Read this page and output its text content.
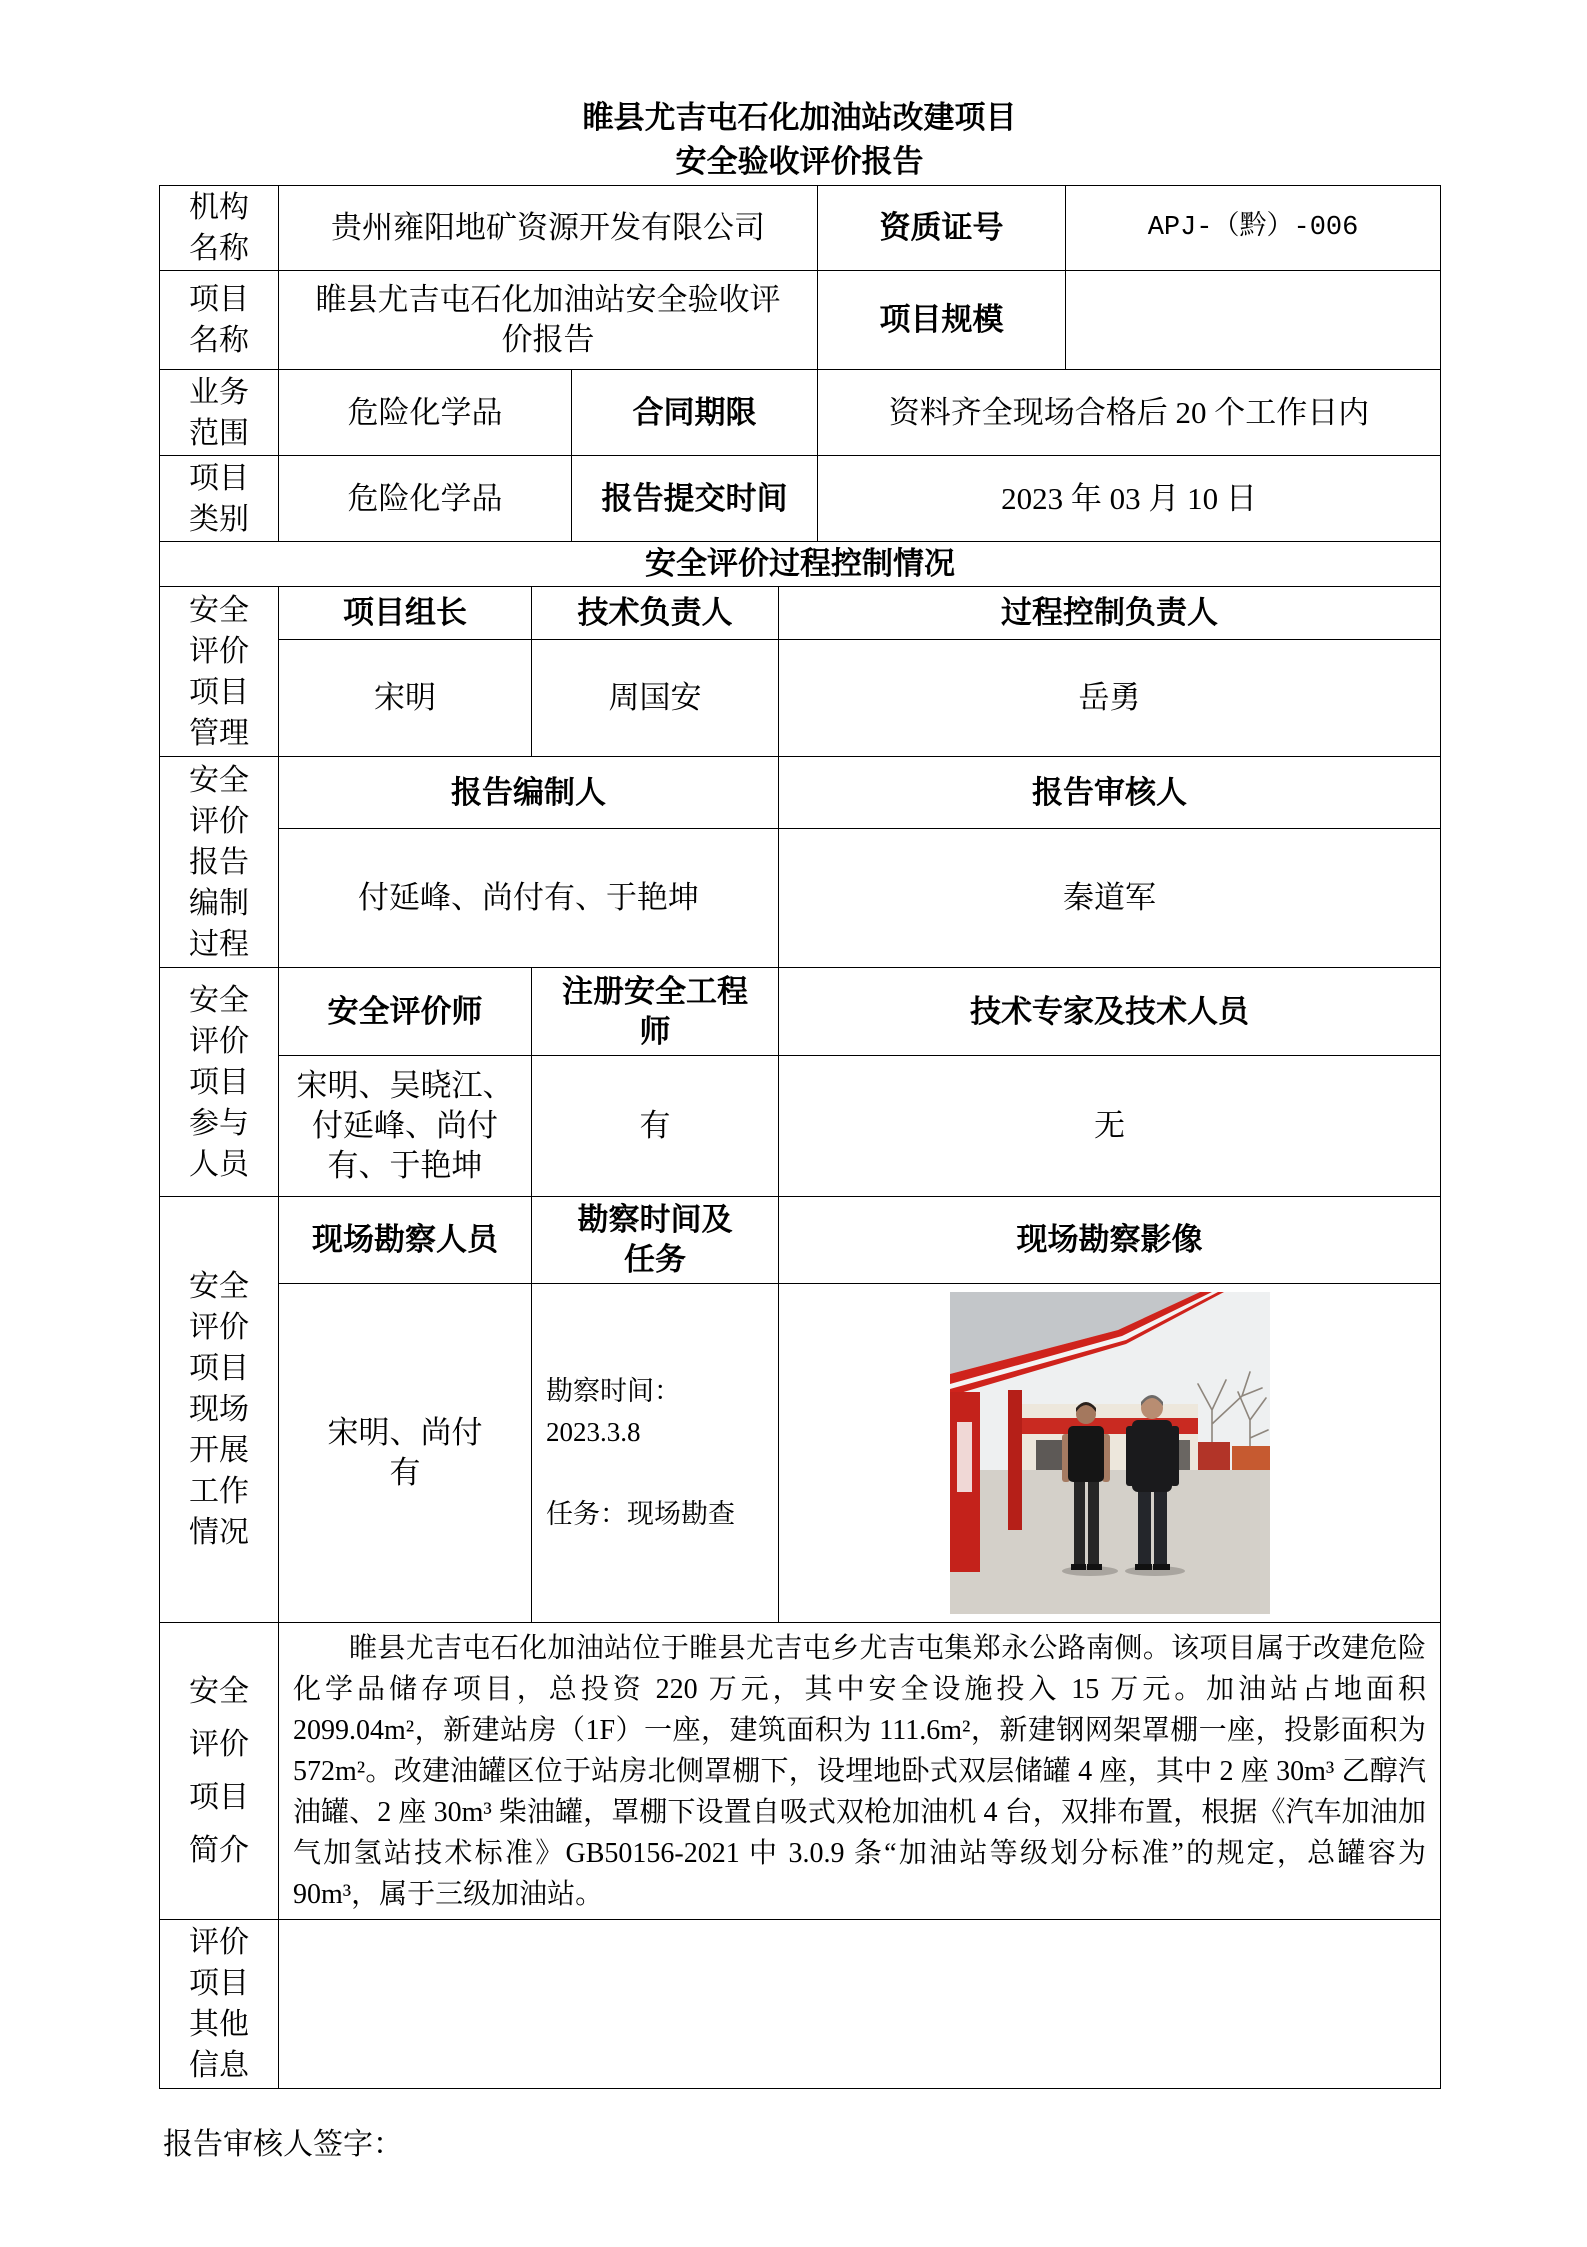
睢县尤吉屯石化加油站改建项目
安全验收评价报告
机构名称	贵州雍阳地矿资源开发有限公司				资质证号	APJ-（黔）-006
项目名称	睢县尤吉屯石化加油站安全验收评价报告				项目规模	
业务范围	危险化学品		合同期限		资料齐全现场合格后 20 个工作日内	
项目类别	危险化学品		报告提交时间		2023 年 03 月 10 日	
安全评价过程控制情况						
安全评价项目管理	项目组长	技术负责人		过程控制负责人		
	宋明	周国安		岳勇		
安全评价报告编制过程	报告编制人			报告审核人		
	付延峰、尚付有、于艳坤			秦道军		
安全评价项目参与人员	安全评价师	注册安全工程师		技术专家及技术人员		
	宋明、吴晓江、付延峰、尚付有、于艳坤	有		无		
安全评价项目现场开展工作情况	现场勘察人员	勘察时间及任务		现场勘察影像		
	宋明、尚付有	勘察时间：2023.3.8
任务：现场勘查

安全评价项目简介	睢县尤吉屯石化加油站位于睢县尤吉屯乡尤吉屯集郑永公路南侧。该项目属于改建危险化学品储存项目，总投资 220 万元，其中安全设施投入 15 万元。加油站占地面积 2099.04m²，新建站房（1F）一座，建筑面积为 111.6m²，新建钢网架罩棚一座，投影面积为 572m²。改建油罐区位于站房北侧罩棚下，设埋地卧式双层储罐 4 座，其中 2 座 30m³ 乙醇汽油罐、2 座 30m³ 柴油罐，罩棚下设置自吸式双枪加油机 4 台，双排布置，根据《汽车加油加气加氢站技术标准》GB50156-2021 中 3.0.9 条“加油站等级划分标准”的规定，总罐容为 90m³，属于三级加油站。					
评价项目其他信息						
报告审核人签字：
